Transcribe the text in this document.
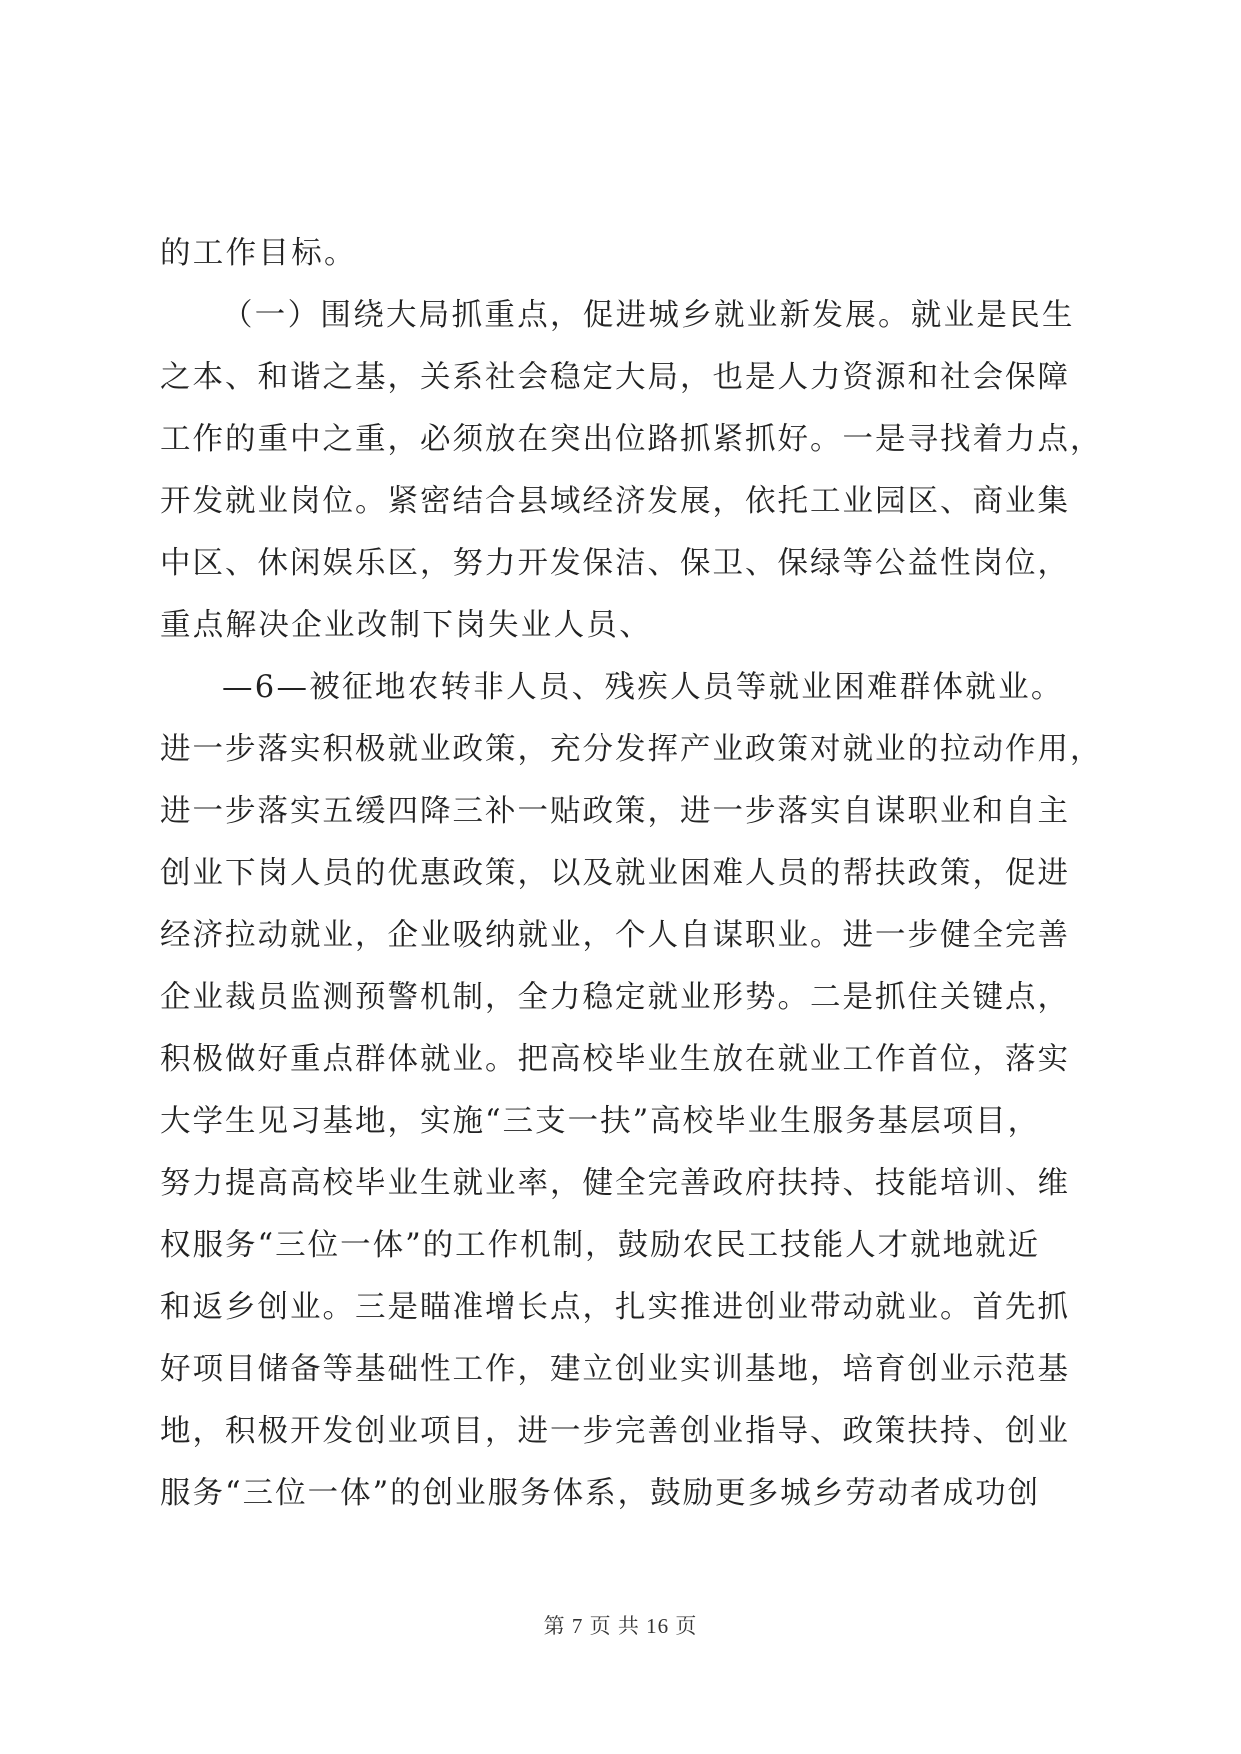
的工作目标。
（一）围绕大局抓重点，促进城乡就业新发展。就业是民生
之本、和谐之基，关系社会稳定大局，也是人力资源和社会保障
工作的重中之重，必须放在突出位路抓紧抓好。一是寻找着力点，
开发就业岗位。紧密结合县域经济发展，依托工业园区、商业集
中区、休闲娱乐区，努力开发保洁、保卫、保绿等公益性岗位，
重点解决企业改制下岗失业人员、
—6—被征地农转非人员、残疾人员等就业困难群体就业。
进一步落实积极就业政策，充分发挥产业政策对就业的拉动作用，
进一步落实五缓四降三补一贴政策，进一步落实自谋职业和自主
创业下岗人员的优惠政策，以及就业困难人员的帮扶政策，促进
经济拉动就业，企业吸纳就业，个人自谋职业。进一步健全完善
企业裁员监测预警机制，全力稳定就业形势。二是抓住关键点，
积极做好重点群体就业。把高校毕业生放在就业工作首位，落实
大学生见习基地，实施“三支一扶”高校毕业生服务基层项目，
努力提高高校毕业生就业率，健全完善政府扶持、技能培训、维
权服务“三位一体”的工作机制，鼓励农民工技能人才就地就近
和返乡创业。三是瞄准增长点，扎实推进创业带动就业。首先抓
好项目储备等基础性工作，建立创业实训基地，培育创业示范基
地，积极开发创业项目，进一步完善创业指导、政策扶持、创业
服务“三位一体”的创业服务体系，鼓励更多城乡劳动者成功创
第 7 页 共 16 页
